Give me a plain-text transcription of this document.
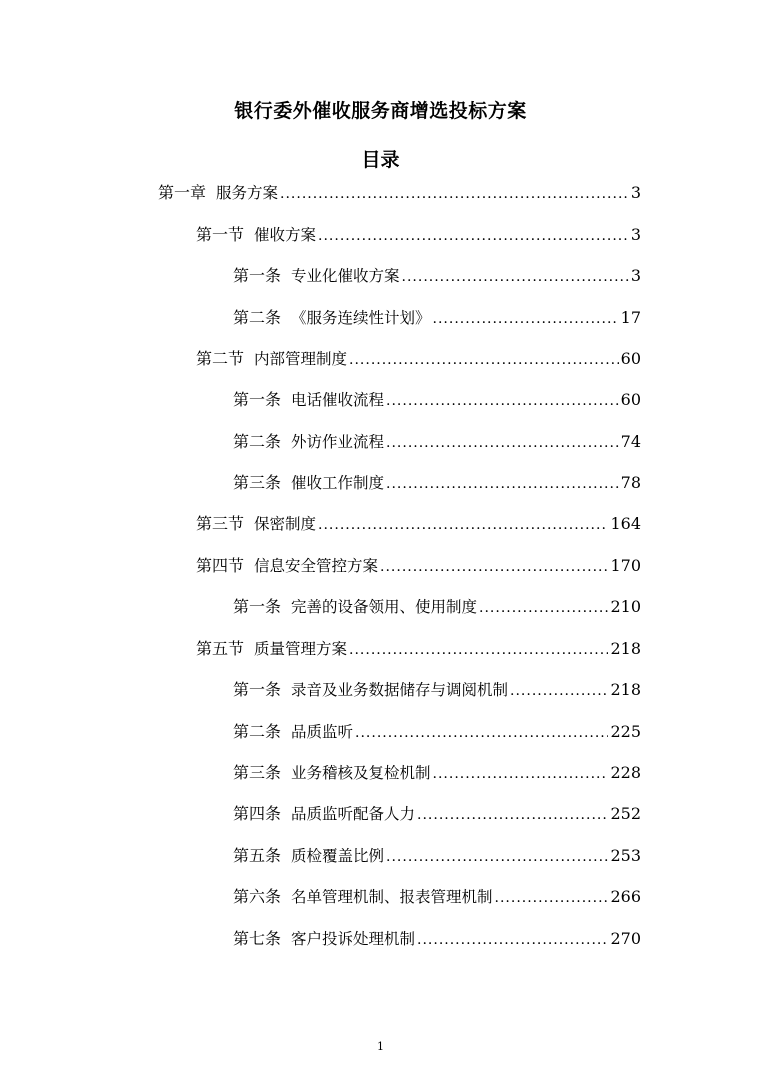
银行委外催收服务商增选投标方案
目录
第一章 服务方案 .....	3
第一节 催收方案 .....	3
第一条 专业化催收方案 .....	3
第二条 《服务连续性计划》 .....	17
第二节 内部管理制度 .....	60
第一条 电话催收流程 .....	60
第二条 外访作业流程 .....	74
第三条 催收工作制度 .....	78
第三节 保密制度 .....	164
第四节 信息安全管控方案 .....	170
第一条 完善的设备领用、使用制度 .....	210
第五节 质量管理方案 .....	218
第一条 录音及业务数据储存与调阅机制 .....	218
第二条 品质监听 .....	225
第三条 业务稽核及复检机制 .....	228
第四条 品质监听配备人力 .....	252
第五条 质检覆盖比例 .....	253
第六条 名单管理机制、报表管理机制 .....	266
第七条 客户投诉处理机制 .....	270
1
